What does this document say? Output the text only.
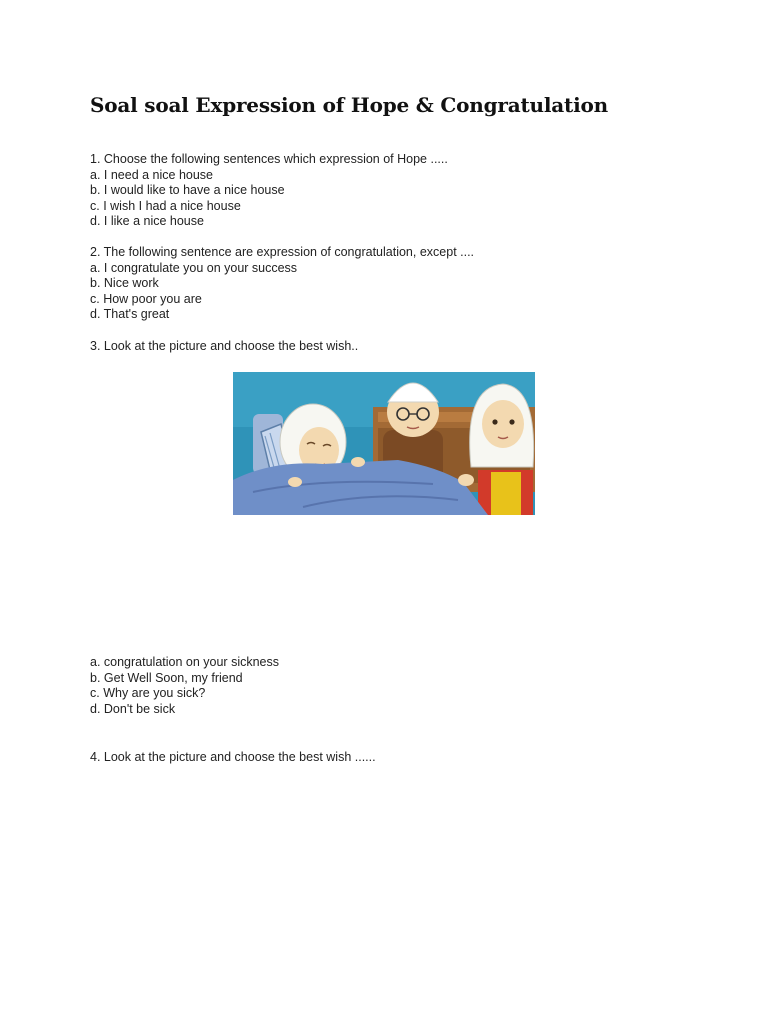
Soal soal Expression of Hope & Congratulation

1. Choose the following sentences which expression of Hope .....

a. I need a nice house

b. I would like to have a nice house

c. I wish I had a nice house

d. I like a nice house

2. The following sentence are expression of congratulation, except ....

a. I congratulate you on your success

b. Nice work

c. How poor you are

d. That's great

3. Look at the picture and choose the best wish..

a. congratulation on your sickness

b. Get Well Soon, my friend

c. Why are you sick?

d. Don't be sick

4. Look at the picture and choose the best wish ......
